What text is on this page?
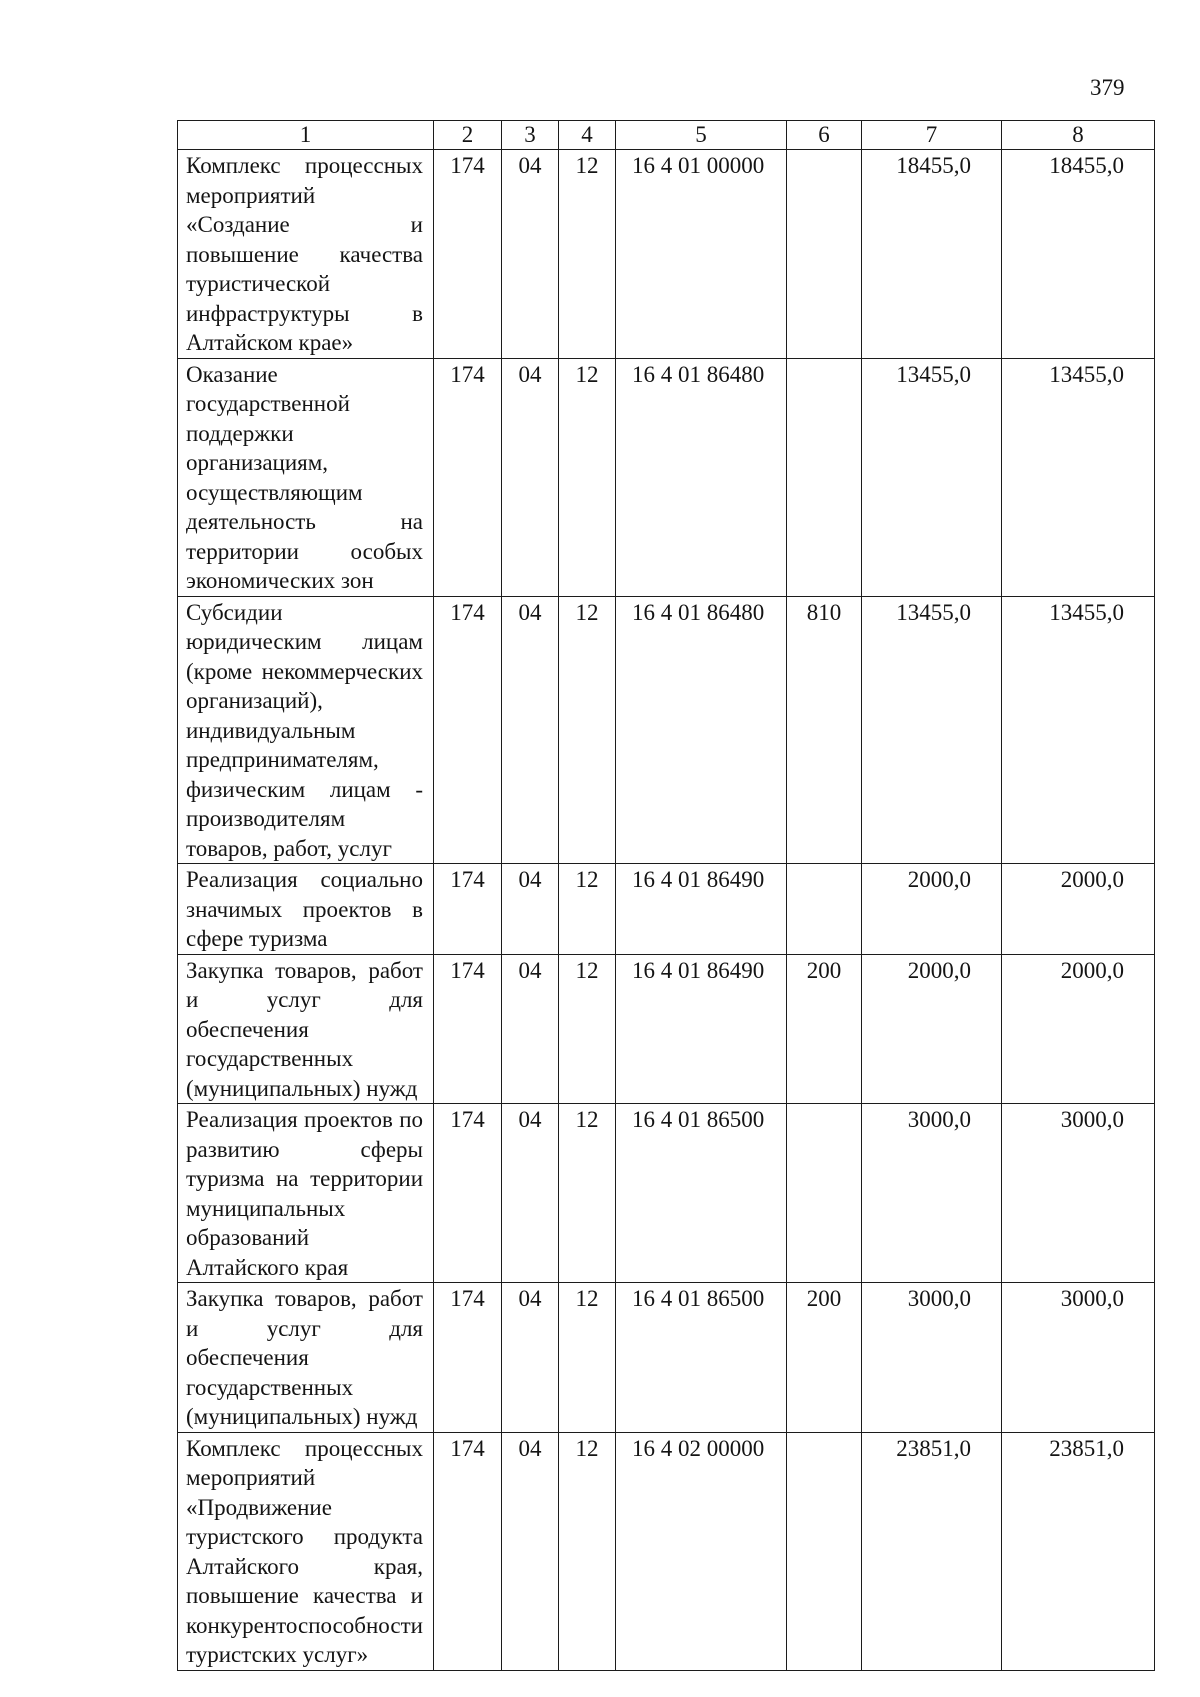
379
1	2	3	4	5	6	7	8
Комплекс процессных мероприятий «Создание и повышение качества туристической инфраструктуры в Алтайском крае»	174	04	12	16 4 01 00000		18455,0	18455,0
Оказание государственной поддержки организациям, осуществляющим деятельность на территории особых экономических зон	174	04	12	16 4 01 86480		13455,0	13455,0
Субсидии юридическим лицам (кроме некоммерческих организаций), индивидуальным предпринимателям, физическим лицам - производителям товаров, работ, услуг	174	04	12	16 4 01 86480	810	13455,0	13455,0
Реализация социально значимых проектов в сфере туризма	174	04	12	16 4 01 86490		2000,0	2000,0
Закупка товаров, работ и услуг для обеспечения государственных (муниципальных) нужд	174	04	12	16 4 01 86490	200	2000,0	2000,0
Реализация проектов по развитию сферы туризма на территории муниципальных образований Алтайского края	174	04	12	16 4 01 86500		3000,0	3000,0
Закупка товаров, работ и услуг для обеспечения государственных (муниципальных) нужд	174	04	12	16 4 01 86500	200	3000,0	3000,0
Комплекс процессных мероприятий «Продвижение туристского продукта Алтайского края, повышение качества и конкурентоспособности туристских услуг»	174	04	12	16 4 02 00000		23851,0	23851,0
